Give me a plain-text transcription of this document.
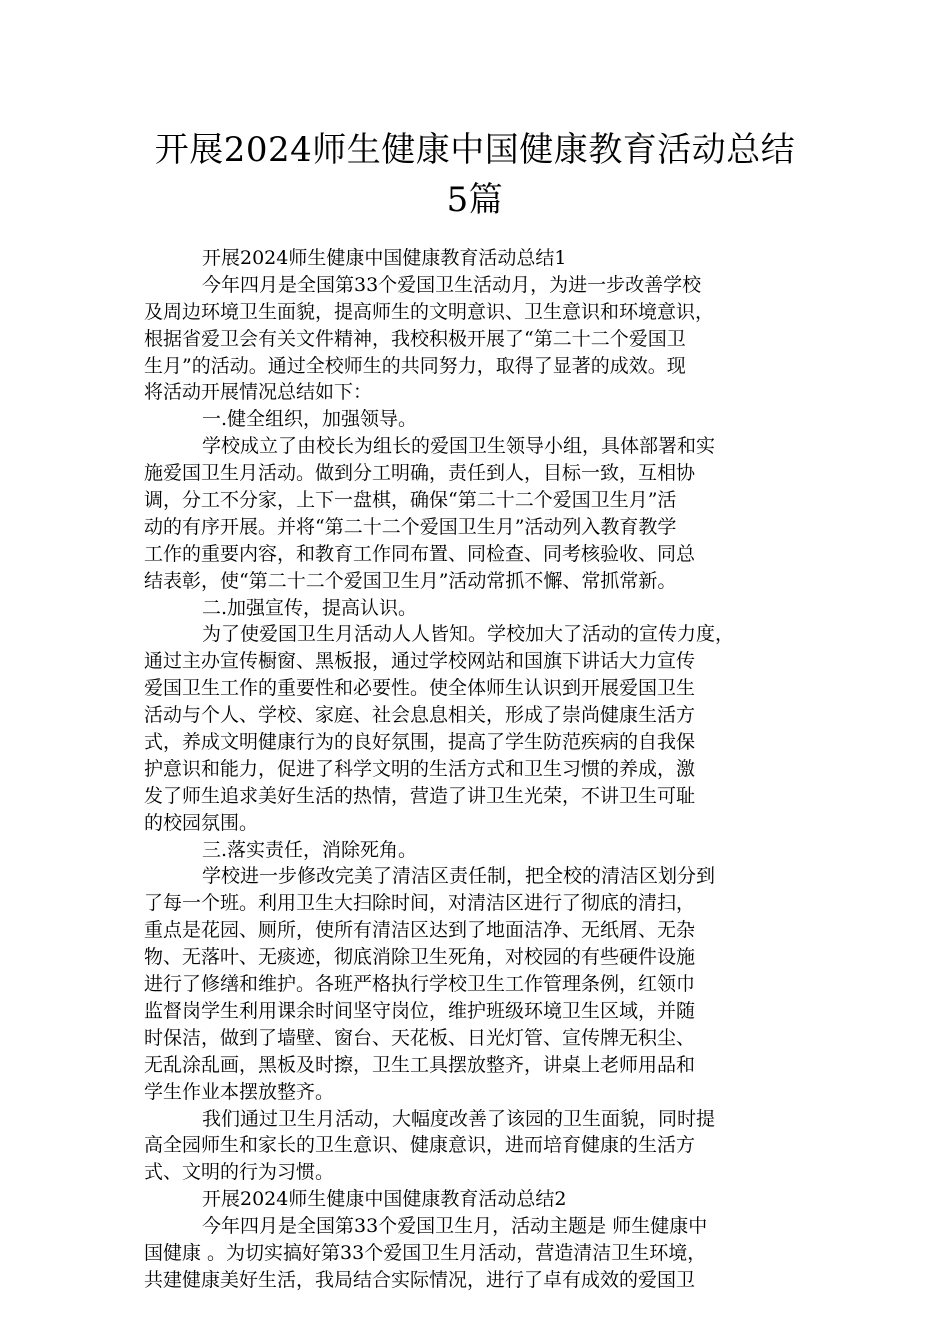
开展2024师生健康中国健康教育活动总结
5篇
开展2024师生健康中国健康教育活动总结1
今年四月是全国第33个爱国卫生活动月，为进一步改善学校
及周边环境卫生面貌，提高师生的文明意识、卫生意识和环境意识，
根据省爱卫会有关文件精神，我校积极开展了“第二十二个爱国卫
生月”的活动。通过全校师生的共同努力，取得了显著的成效。现
将活动开展情况总结如下：
一.健全组织，加强领导。
学校成立了由校长为组长的爱国卫生领导小组，具体部署和实
施爱国卫生月活动。做到分工明确，责任到人，目标一致，互相协
调，分工不分家，上下一盘棋，确保“第二十二个爱国卫生月”活
动的有序开展。并将“第二十二个爱国卫生月”活动列入教育教学
工作的重要内容，和教育工作同布置、同检查、同考核验收、同总
结表彰，使“第二十二个爱国卫生月”活动常抓不懈、常抓常新。
二.加强宣传，提高认识。
为了使爱国卫生月活动人人皆知。学校加大了活动的宣传力度，
通过主办宣传橱窗、黑板报，通过学校网站和国旗下讲话大力宣传
爱国卫生工作的重要性和必要性。使全体师生认识到开展爱国卫生
活动与个人、学校、家庭、社会息息相关，形成了崇尚健康生活方
式，养成文明健康行为的良好氛围，提高了学生防范疾病的自我保
护意识和能力，促进了科学文明的生活方式和卫生习惯的养成，激
发了师生追求美好生活的热情，营造了讲卫生光荣，不讲卫生可耻
的校园氛围。
三.落实责任，消除死角。
学校进一步修改完美了清洁区责任制，把全校的清洁区划分到
了每一个班。利用卫生大扫除时间，对清洁区进行了彻底的清扫，
重点是花园、厕所，使所有清洁区达到了地面洁净、无纸屑、无杂
物、无落叶、无痰迹，彻底消除卫生死角，对校园的有些硬件设施
进行了修缮和维护。各班严格执行学校卫生工作管理条例，红领巾
监督岗学生利用课余时间坚守岗位，维护班级环境卫生区域，并随
时保洁，做到了墙壁、窗台、天花板、日光灯管、宣传牌无积尘、
无乱涂乱画，黑板及时擦，卫生工具摆放整齐，讲桌上老师用品和
学生作业本摆放整齐。
我们通过卫生月活动，大幅度改善了该园的卫生面貌，同时提
高全园师生和家长的卫生意识、健康意识，进而培育健康的生活方
式、文明的行为习惯。
开展2024师生健康中国健康教育活动总结2
今年四月是全国第33个爱国卫生月，活动主题是 师生健康中
国健康 。为切实搞好第33个爱国卫生月活动，营造清洁卫生环境，
共建健康美好生活，我局结合实际情况，进行了卓有成效的爱国卫
